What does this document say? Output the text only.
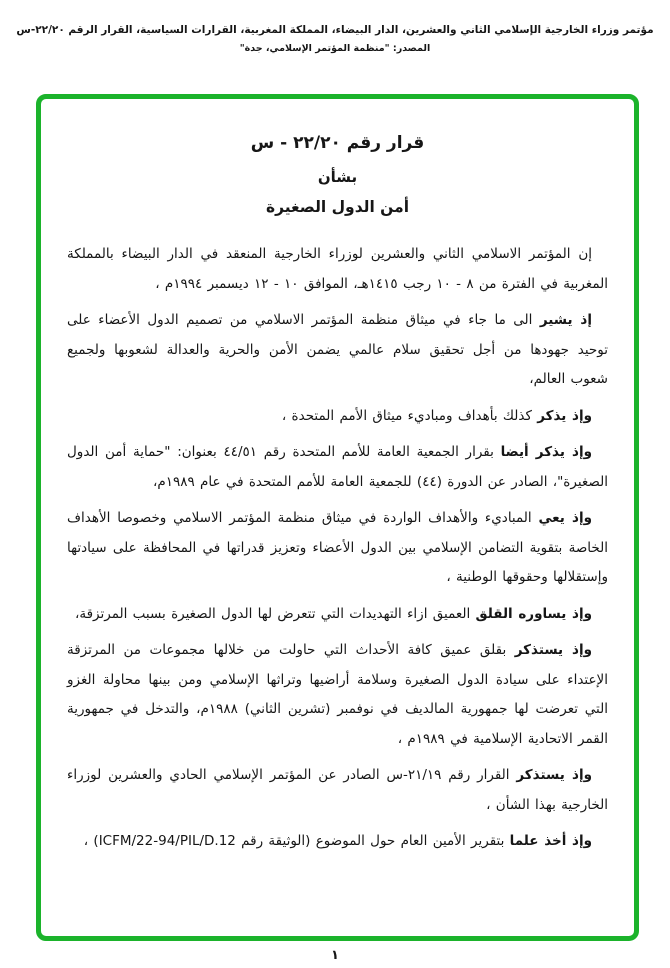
مؤتمر وزراء الخارجية الإسلامي الثاني والعشرين، الدار البيضاء، المملكة المغربية، القرارات السياسية، القرار الرقم ٢٢/٢٠-س
المصدر: "منظمة المؤتمر الإسلامي، جدة"
قرار رقم ٢٢/٢٠ - س
بشأن
أمن الدول الصغيرة

إن المؤتمر الاسلامي الثاني والعشرين لوزراء الخارجية المنعقد في الدار البيضاء بالمملكة المغربية في الفترة من ٨ - ١٠ رجب ١٤١٥هـ، الموافق ١٠ - ١٢ ديسمبر ١٩٩٤م ،

إذ يشير الى ما جاء في ميثاق منظمة المؤتمر الاسلامي من تصميم الدول الأعضاء على توحيد جهودها من أجل تحقيق سلام عالمي يضمن الأمن والحرية والعدالة لشعوبها ولجميع شعوب العالم،

وإذ يذكر كذلك بأهداف ومباديء ميثاق الأمم المتحدة ،

وإذ يذكر أيضا بقرار الجمعية العامة للأمم المتحدة رقم ٤٤/٥١ بعنوان: "حماية أمن الدول الصغيرة"، الصادر عن الدورة (٤٤) للجمعية العامة للأمم المتحدة في عام ١٩٨٩م،

وإذ يعي المباديء والأهداف الواردة في ميثاق منظمة المؤتمر الاسلامي وخصوصا الأهداف الخاصة بتقوية التضامن الإسلامي بين الدول الأعضاء وتعزيز قدراتها في المحافظة على سيادتها وإستقلالها وحقوقها الوطنية ،

وإذ يساوره القلق العميق ازاء التهديدات التي تتعرض لها الدول الصغيرة بسبب المرتزقة،

وإذ يستذكر بقلق عميق كافة الأحداث التي حاولت من خلالها مجموعات من المرتزقة الإعتداء على سيادة الدول الصغيرة وسلامة أراضيها وتراثها الإسلامي ومن بينها محاولة الغزو التي تعرضت لها جمهورية المالديف في نوفمبر (تشرين الثاني) ١٩٨٨م، والتدخل في جمهورية القمر الاتحادية الإسلامية في ١٩٨٩م ،

وإذ يستذكر القرار رقم ٢١/١٩-س الصادر عن المؤتمر الإسلامي الحادي والعشرين لوزراء الخارجية بهذا الشأن ،

وإذ أخذ علما بتقرير الأمين العام حول الموضوع (الوثيقة رقم ICFM/22-94/PIL/D.12) ،

١
